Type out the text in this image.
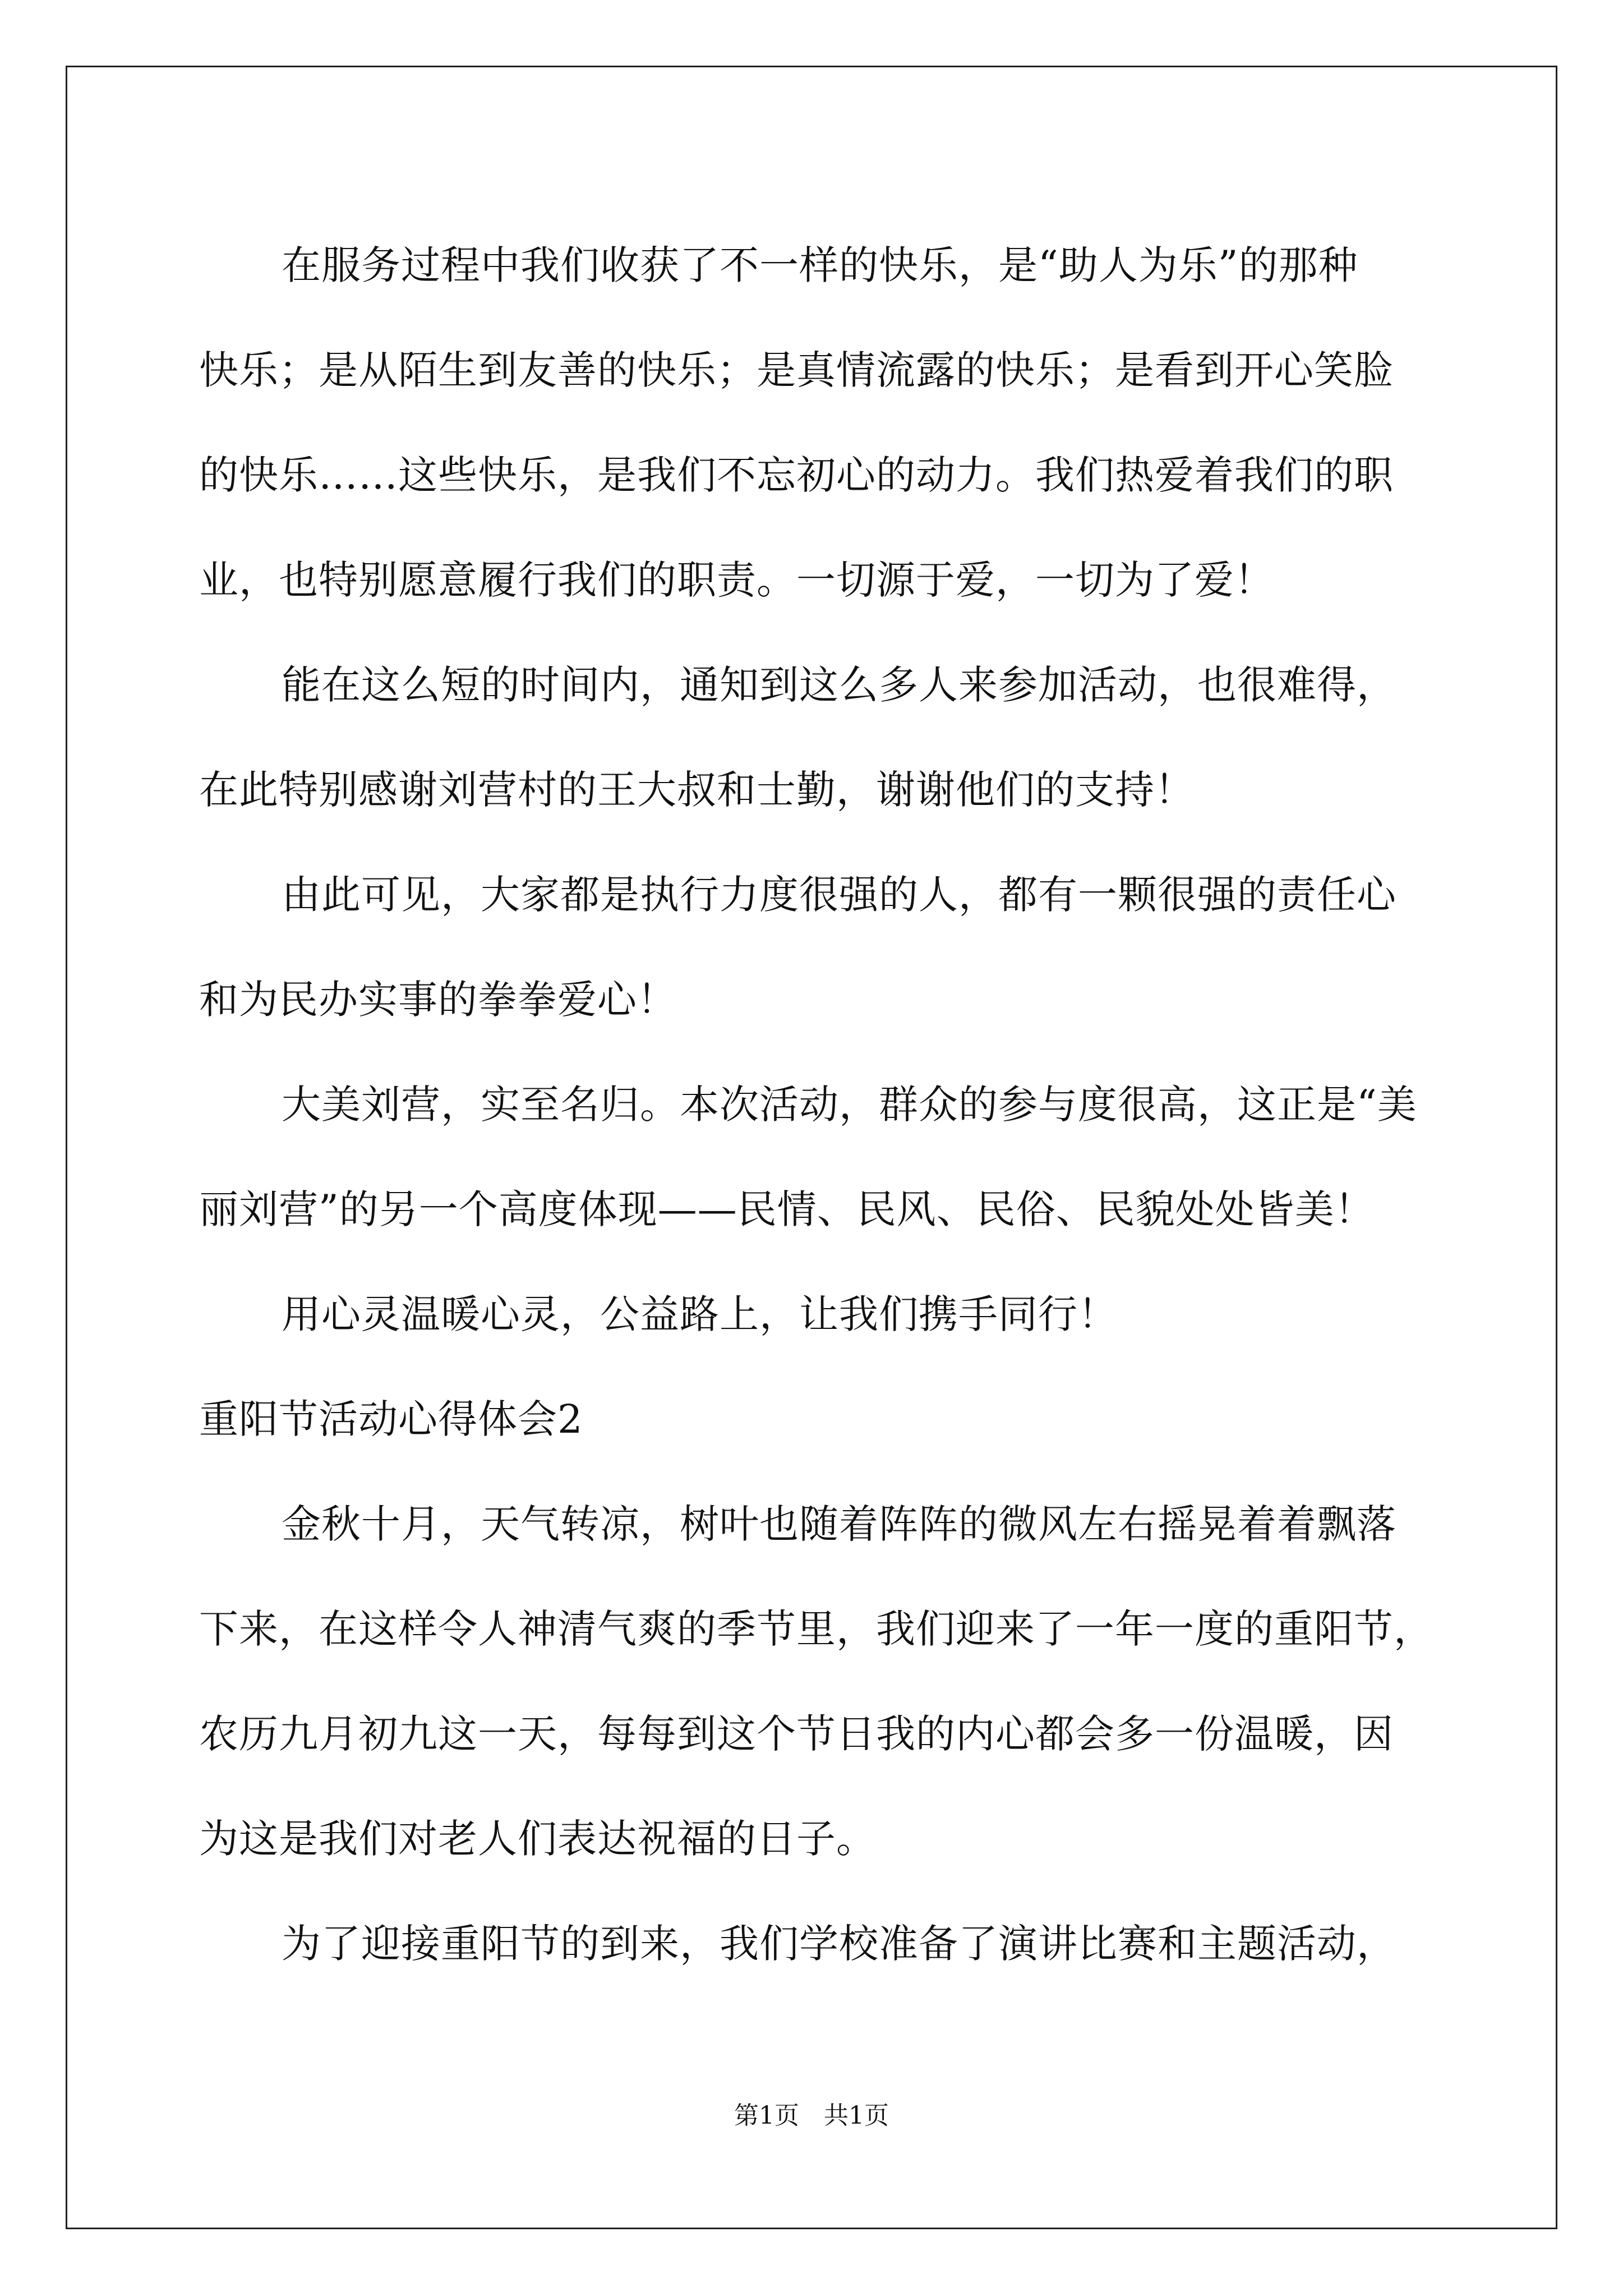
在服务过程中我们收获了不一样的快乐，是“助人为乐”的那种
快乐；是从陌生到友善的快乐；是真情流露的快乐；是看到开心笑脸
的快乐……这些快乐，是我们不忘初心的动力。我们热爱着我们的职
业，也特别愿意履行我们的职责。一切源于爱，一切为了爱！
能在这么短的时间内，通知到这么多人来参加活动，也很难得，
在此特别感谢刘营村的王大叔和士勤，谢谢他们的支持！
由此可见，大家都是执行力度很强的人，都有一颗很强的责任心
和为民办实事的拳拳爱心！
大美刘营，实至名归。本次活动，群众的参与度很高，这正是“美
丽刘营”的另一个高度体现——民情、民风、民俗、民貌处处皆美！
用心灵温暖心灵，公益路上，让我们携手同行！
重阳节活动心得体会2
金秋十月，天气转凉，树叶也随着阵阵的微风左右摇晃着着飘落
下来，在这样令人神清气爽的季节里，我们迎来了一年一度的重阳节，
农历九月初九这一天，每每到这个节日我的内心都会多一份温暖，因
为这是我们对老人们表达祝福的日子。
为了迎接重阳节的到来，我们学校准备了演讲比赛和主题活动，
第1页　共1页
